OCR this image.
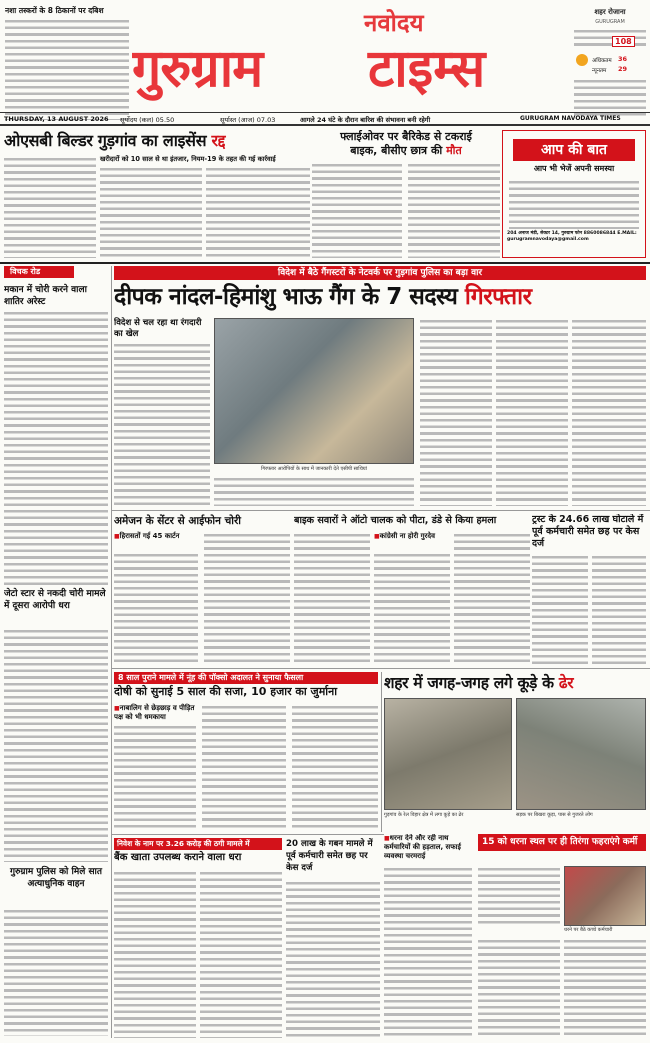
नशा तस्करों के 8 ठिकानों पर दबिश	नवोदय
गुरुग्राम टाइम्स
शहर रोजाना
GURUGRAM
108
अधिकतम 36
न्यूनतम 29
THURSDAY, 13 AUGUST 2026 सूर्योदय (कल) 05.50	सूर्यास्त (आज) 07.03	आगले 24 घंटे के दौरान बारिश की संभावना बनी रहेगी	GURUGRAM NAVODAYA TIMES
ओएसबी बिल्डर गुड़गांव का लाइसेंस रद्द
खरीदारों को 10 साल से था इंतजार, नियम-19 के तहत की गई कार्रवाई
फ्लाईओवर पर बैरिकेड से टकराई
बाइक, बीसीए छात्र की मौत	आप की बात
आप भी भेजें अपनी समस्या
204 अनाज मंडी, सेक्टर 14, गुरुग्राम फोन 8860086844 E.MAIL: gurugramnavodaya@gmail.com
विचक रोड
मकान में चोरी करने वाला शातिर अरेस्ट
जेटो स्टार से नकदी चोरी मामले में दूसरा आरोपी धरा
गुरुग्राम पुलिस को मिले सात अत्याधुनिक वाहन
विदेश में बैठे गैंगस्टरों के नेटवर्क पर गुड़गांव पुलिस का बड़ा वार
दीपक नांदल-हिमांशु भाऊ गैंग के 7 सदस्य गिरफ्तार
विदेश से चल रहा था रंगदारी का खेल
गिरफ्तार आरोपियों के साथ में जानकारी देते एसीपी साथियां
अमेजन के सेंटर से आईफोन चोरी
■ हिरासतों गई 45 कार्टन
बाइक सवारों ने ऑटो चालक को पीटा, डंडे से किया हमला
■ कांग्रेसी ना होरी गुरदेव
ट्रस्ट के 24.66 लाख घोटाले में पूर्व कर्मचारी समेत छह पर केस दर्ज
8 साल पुराने मामले में नूंह की पॉक्सो अदालत ने सुनाया फैसला
दोषी को सुनाई 5 साल की सजा, 10 हजार का जुर्माना
■ नाबालिग से छेड़छाड़ व पीड़ित पक्ष को भी धमकाया
शहर में जगह-जगह लगे कूड़े के ढेर
गुड़गांव के रेल विहार क्षेत्र में लगा कूड़े का ढेर	सड़क पर बिखरा कूड़ा, पास से गुजरते लोग
निवेश के नाम पर 3.26 करोड़ की ठगी मामले में
बैंक खाता उपलब्ध कराने वाला धरा
20 लाख के गबन मामले में पूर्व कर्मचारी समेत छह पर केस दर्ज
■ धरना देने और रही नाथ कर्मचारियों की हड़ताल, सफाई व्यवस्था चरमराई
15 को धरना स्थल पर ही तिरंगा फहराएंगे कर्मी
धरने पर बैठे कच्चे कर्मचारी
